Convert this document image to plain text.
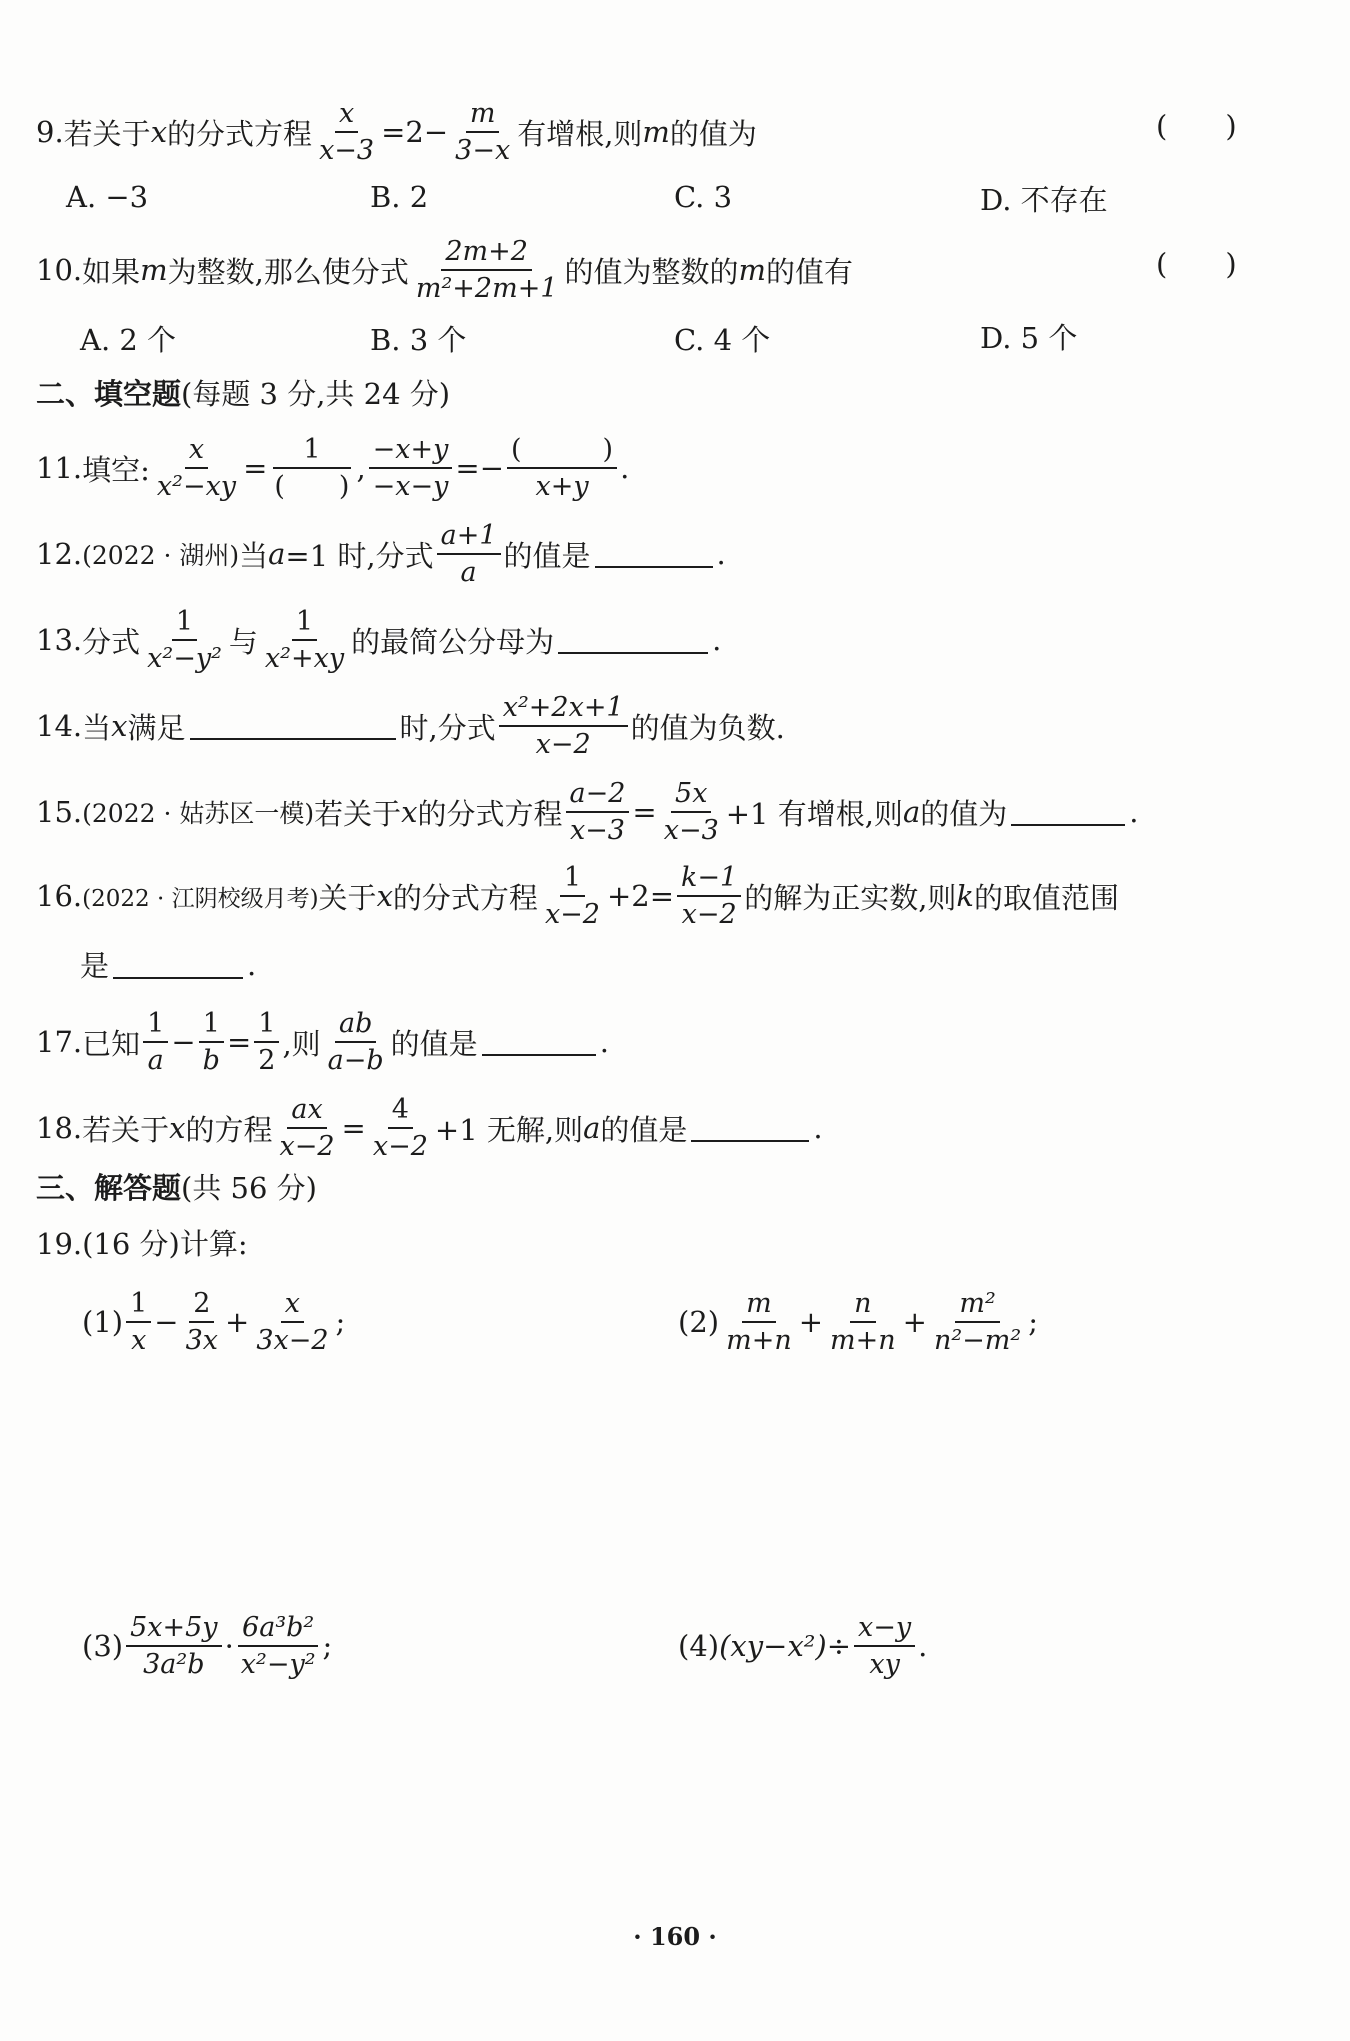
9. 若关于 x 的分式方程 $\frac{x}{x-3} =2- \frac{m}{3-x}$ 有增根,则 m 的值为	(　　)
A. −3	B. 2	C. 3	D. 不存在
10. 如果 m 为整数,那么使分式 $\frac{2m+2}{\text{m²+2m+1}}$ 的值为整数的 m 的值有	(　　)
A. 2 个	B. 3 个	C. 4 个	D. 5 个
二、填空题 (每题 3 分,共 24 分)
11. 填空: $\frac{x}{\text{x²−xy}} = \frac{1}{( )}$ , $\frac{-x+y}{-x-y} =- \frac{( )}{x+y}$ .
12. (2022 · 湖州) 当 a =1 时,分式 $\frac{a+1}{a}$ 的值是	.
13. 分式 $\frac{1}{\text{x²−y²}}$ 与 $\frac{1}{\text{x²+xy}}$ 的最简公分母为	.
14. 当 x 满足	时,分式 $\frac{\text{x²+2x+1}}{x-2}$ 的值为负数.
15. (2022 · 姑苏区一模) 若关于 x 的分式方程 $\frac{a-2}{x-3} = \frac{5x}{x-3} +1$ 有增根,则 a 的值为	.
16. (2022 · 江阴校级月考) 关于 x 的分式方程 $\frac{1}{x-2} +2= \frac{k-1}{x-2}$ 的解为正实数,则 k 的取值范围
是	.
17. 已知 $\frac{1}{a} - \frac{1}{b} = \frac{1}{2}$ ,则 $\frac{ab}{a-b}$ 的值是	.
18. 若关于 x 的方程 $\frac{ax}{x-2} = \frac{4}{x-2} +1$ 无解,则 a 的值是	.
三、解答题 (共 56 分)
19.(16 分)计算:
$(1) \frac{1}{x} - \frac{2}{3x} + \frac{x}{3x-2}$ ;	$(2) \frac{m}{m+n} + \frac{n}{m+n} + \frac{\text{m²}}{\text{n²−m²}}$ ;
$(3) \frac{5x+5y}{\text{3a²b}} \cdot \frac{\text{6a³b²}}{\text{x²−y²}}$ ;	(4) $(xy-x^2)\div \frac{x-y}{xy}$ .
· 160 ·
